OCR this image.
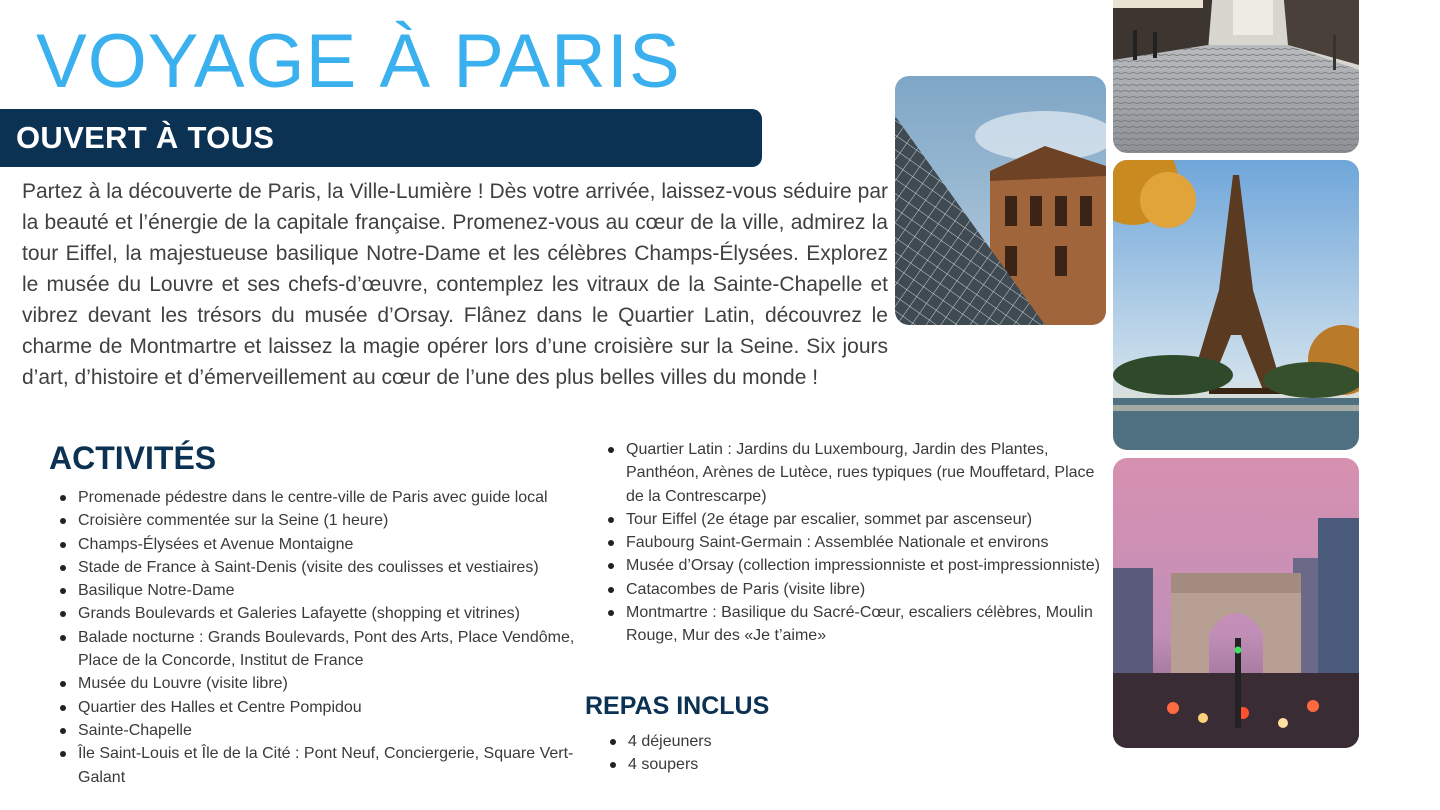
VOYAGE À PARIS
OUVERT À TOUS

Partez à la découverte de Paris, la Ville-Lumière ! Dès votre arrivée, laissez-vous séduire par la beauté et l’énergie de la capitale française. Promenez-vous au cœur de la ville, admirez la tour Eiffel, la majestueuse basilique Notre-Dame et les célèbres Champs-Élysées. Explorez le musée du Louvre et ses chefs-d’œuvre, contemplez les vitraux de la Sainte-Chapelle et vibrez devant les trésors du musée d’Orsay. Flânez dans le Quartier Latin, découvrez le charme de Montmartre et laissez la magie opérer lors d’une croisière sur la Seine. Six jours d’art, d’histoire et d’émerveillement au cœur de l’une des plus belles villes du monde !

ACTIVITÉS
Promenade pédestre dans le centre-ville de Paris avec guide local
Croisière commentée sur la Seine (1 heure)
Champs-Élysées et Avenue Montaigne
Stade de France à Saint-Denis (visite des coulisses et vestiaires)
Basilique Notre-Dame
Grands Boulevards et Galeries Lafayette (shopping et vitrines)
Balade nocturne : Grands Boulevards, Pont des Arts, Place Vendôme, Place de la Concorde, Institut de France
Musée du Louvre (visite libre)
Quartier des Halles et Centre Pompidou
Sainte-Chapelle
Île Saint-Louis et Île de la Cité : Pont Neuf, Conciergerie, Square Vert-Galant
Quartier Latin : Jardins du Luxembourg, Jardin des Plantes, Panthéon, Arènes de Lutèce, rues typiques (rue Mouffetard, Place de la Contrescarpe)
Tour Eiffel (2e étage par escalier, sommet par ascenseur)
Faubourg Saint-Germain : Assemblée Nationale et environs
Musée d’Orsay (collection impressionniste et post-impressionniste)
Catacombes de Paris (visite libre)
Montmartre : Basilique du Sacré-Cœur, escaliers célèbres, Moulin Rouge, Mur des «Je t’aime»
REPAS INCLUS
4 déjeuners
4 soupers
